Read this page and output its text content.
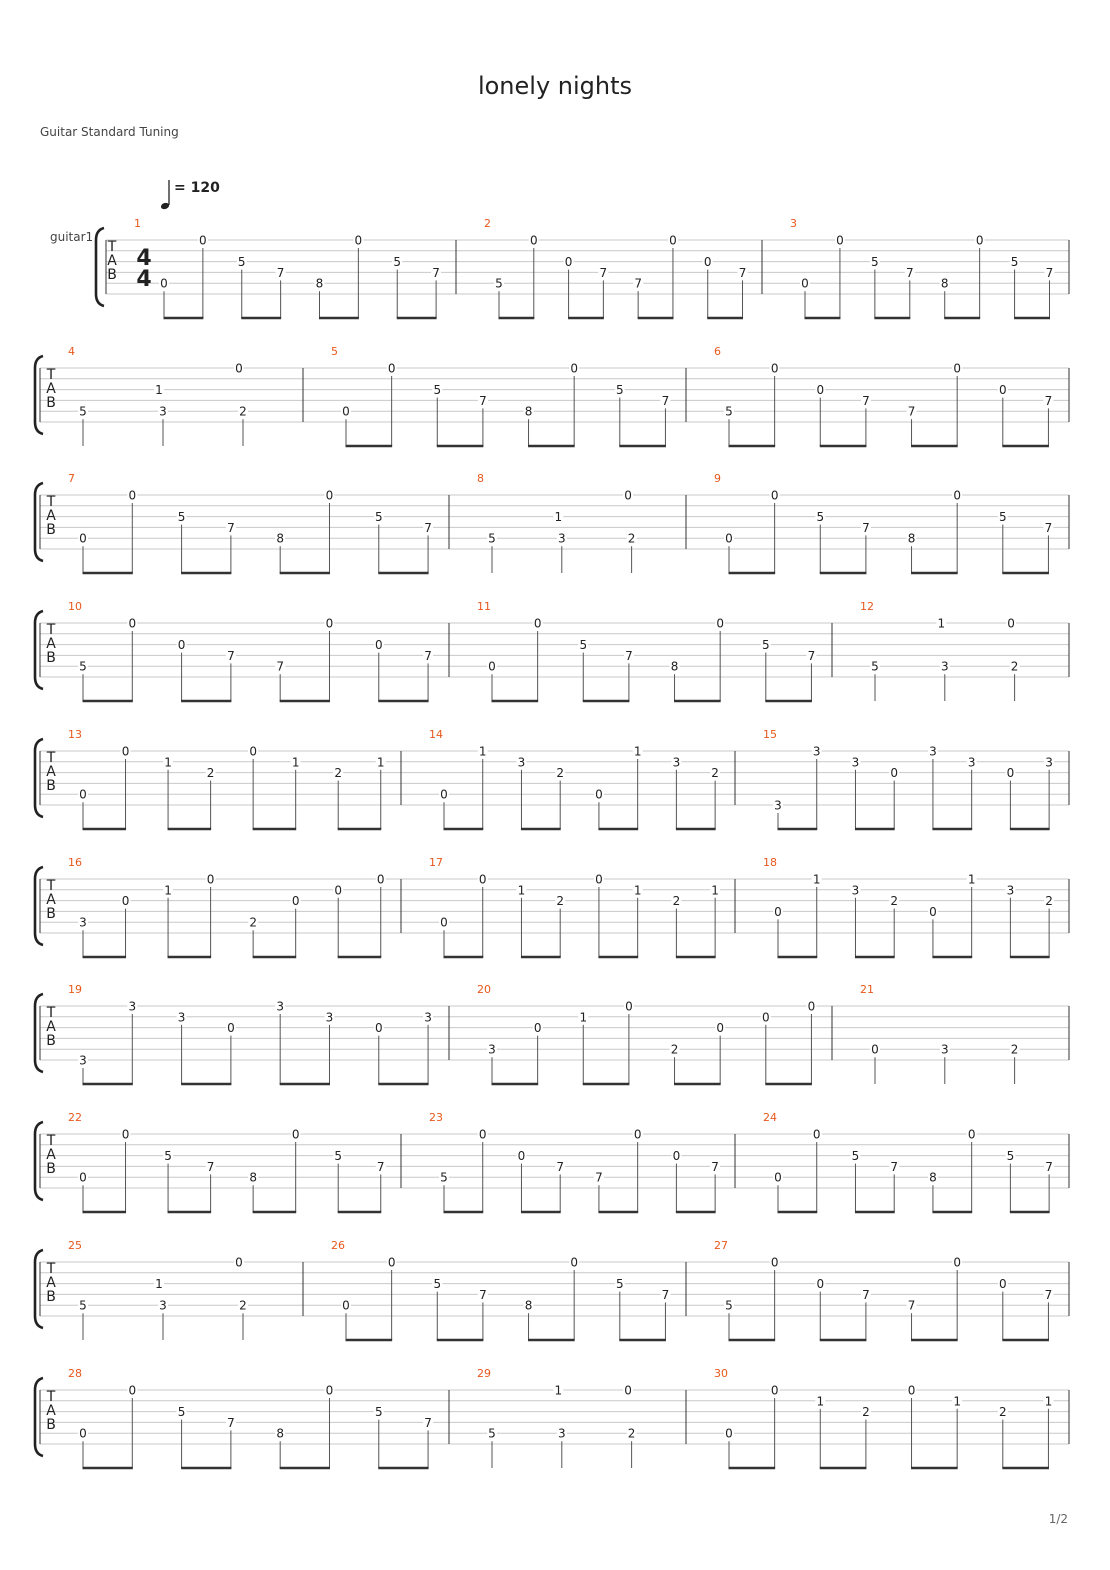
lonely nights
Guitar Standard Tuning
= 120
guitar1
T
A
B
4
4
1
0
0
5
7
8
0
5
7
2
5
0
0
7
7
0
0
7
3
0
0
5
7
8
0
5
7
T
A
B
4
5
1
3
0
2
5
0
0
5
7
8
0
5
7
6
5
0
0
7
7
0
0
7
T
A
B
7
0
0
5
7
8
0
5
7
8
5
1
3
0
2
9
0
0
5
7
8
0
5
7
T
A
B
10
5
0
0
7
7
0
0
7
11
0
0
5
7
8
0
5
7
12
5
1
3
0
2
T
A
B
13
0
0
1
2
0
1
2
1
14
0
1
3
2
0
1
3
2
15
3
3
3
0
3
3
0
3
T
A
B
16
3
0
1
0
2
0
0
0
17
0
0
1
2
0
1
2
1
18
0
1
3
2
0
1
3
2
T
A
B
19
3
3
3
0
3
3
0
3
20
3
0
1
0
2
0
0
0
21
0	3	2
T
A
B
22
0
0
5
7
8
0
5
7
23
5
0
0
7
7
0
0
7
24
0
0
5
7
8
0
5
7
T
A
B
25
5
1
3
0
2
26
0
0
5
7
8
0
5
7
27
5
0
0
7
7
0
0
7
T
A
B
28
0
0
5
7
8
0
5
7
29
5
1
3
0
2
30
0
0
1
2
0
1
2
1
1/2
